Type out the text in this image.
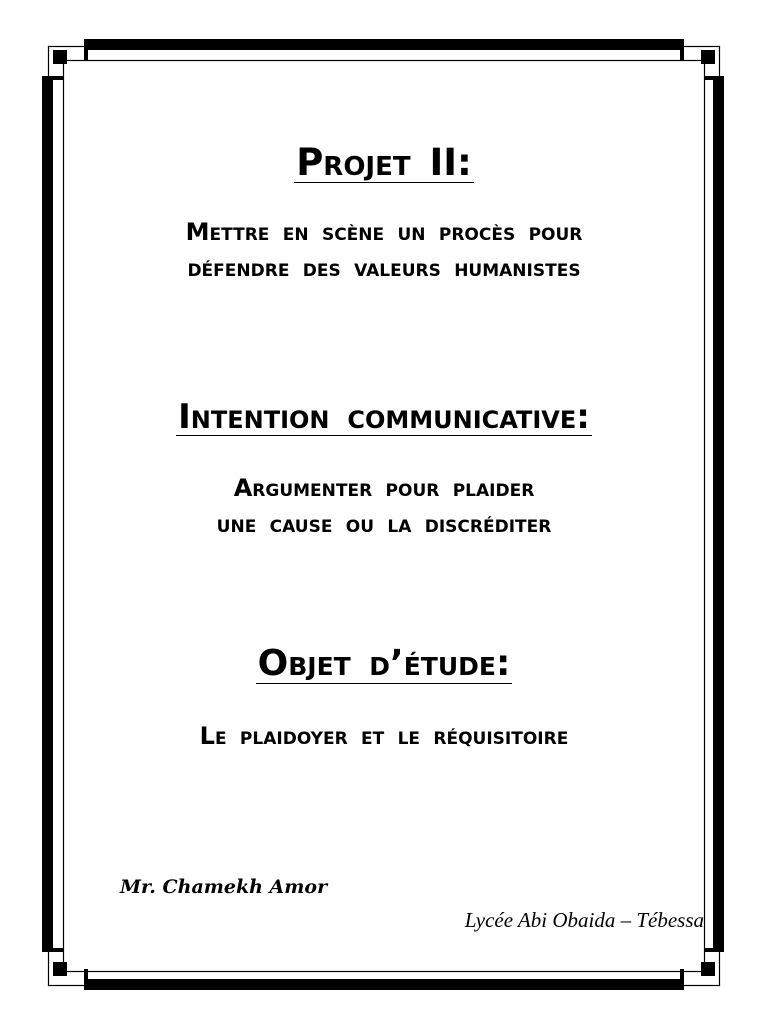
Projet II:
Mettre en scène un procès pour
défendre des valeurs humanistes
Intention communicative:
Argumenter pour plaider
une cause ou la discréditer
Objet d’étude:
Le plaidoyer et le réquisitoire

Mr. Chamekh Amor

Lycée Abi Obaida – Tébessa
